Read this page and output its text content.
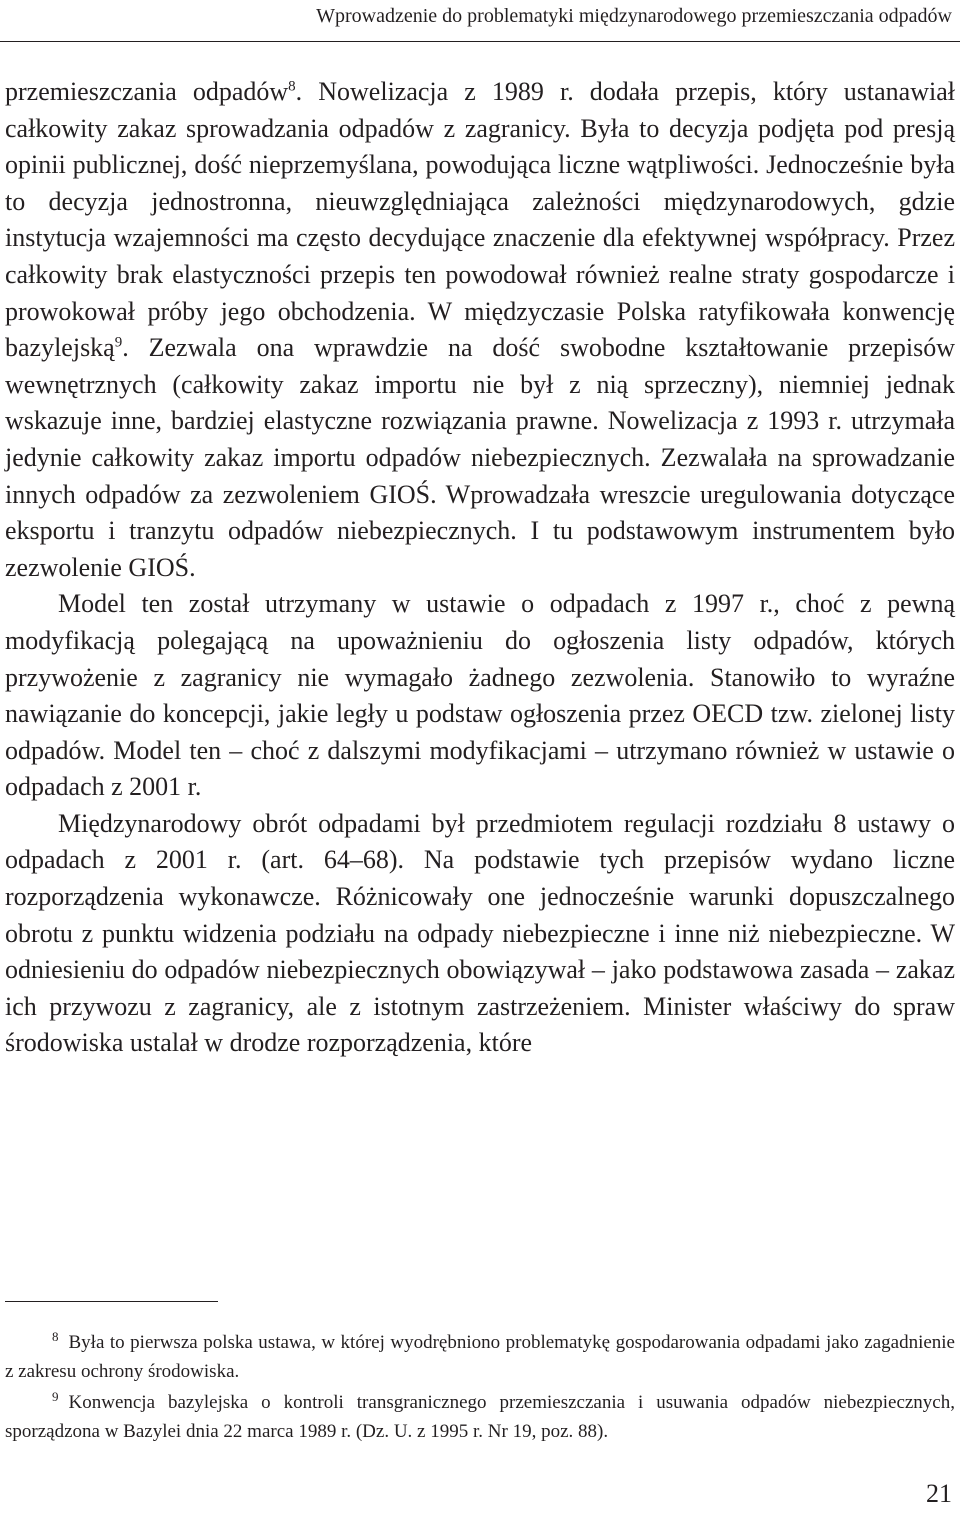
Wprowadzenie do problematyki międzynarodowego przemieszczania odpadów

przemieszczania odpadów$^8$. Nowelizacja z 1989 r. dodała przepis, który ustanawiał całkowity zakaz sprowadzania odpadów z zagranicy. Była to decyzja podjęta pod presją opinii publicznej, dość nieprzemyślana, powodująca liczne wątpliwości. Jednocześnie była to decyzja jednostronna, nieuwzględniająca zależności międzynarodowych, gdzie instytucja wzajemności ma często decydujące znaczenie dla efektywnej współpracy. Przez całkowity brak elastyczności przepis ten powodował również realne straty gospodarcze i prowokował próby jego obchodzenia. W międzyczasie Polska ratyfikowała konwencję bazylejską$^9$. Zezwala ona wprawdzie na dość swobodne kształtowanie przepisów wewnętrznych (całkowity zakaz importu nie był z nią sprzeczny), niemniej jednak wskazuje inne, bardziej elastyczne rozwiązania prawne. Nowelizacja z 1993 r. utrzymała jedynie całkowity zakaz importu odpadów niebezpiecznych. Zezwalała na sprowadzanie innych odpadów za zezwoleniem GIOŚ. Wprowadzała wreszcie uregulowania dotyczące eksportu i tranzytu odpadów niebezpiecznych. I tu podstawowym instrumentem było zezwolenie GIOŚ.

Model ten został utrzymany w ustawie o odpadach z 1997 r., choć z pewną modyfikacją polegającą na upoważnieniu do ogłoszenia listy odpadów, których przywożenie z zagranicy nie wymagało żadnego zezwolenia. Stanowiło to wyraźne nawiązanie do koncepcji, jakie legły u podstaw ogłoszenia przez OECD tzw. zielonej listy odpadów. Model ten – choć z dalszymi modyfikacjami – utrzymano również w ustawie o odpadach z 2001 r.

Międzynarodowy obrót odpadami był przedmiotem regulacji rozdziału 8 ustawy o odpadach z 2001 r. (art. 64–68). Na podstawie tych przepisów wydano liczne rozporządzenia wykonawcze. Różnicowały one jednocześnie warunki dopuszczalnego obrotu z punktu widzenia podziału na odpady niebezpieczne i inne niż niebezpieczne. W odniesieniu do odpadów niebezpiecznych obowiązywał – jako podstawowa zasada – zakaz ich przywozu z zagranicy, ale z istotnym zastrzeżeniem. Minister właściwy do spraw środowiska ustalał w drodze rozporządzenia, które

$^8$ Była to pierwsza polska ustawa, w której wyodrębniono problematykę gospodarowania odpadami jako zagadnienie z zakresu ochrony środowiska.

$^9$ Konwencja bazylejska o kontroli transgranicznego przemieszczania i usuwania odpadów niebezpiecznych, sporządzona w Bazylei dnia 22 marca 1989 r. (Dz. U. z 1995 r. Nr 19, poz. 88).

21
